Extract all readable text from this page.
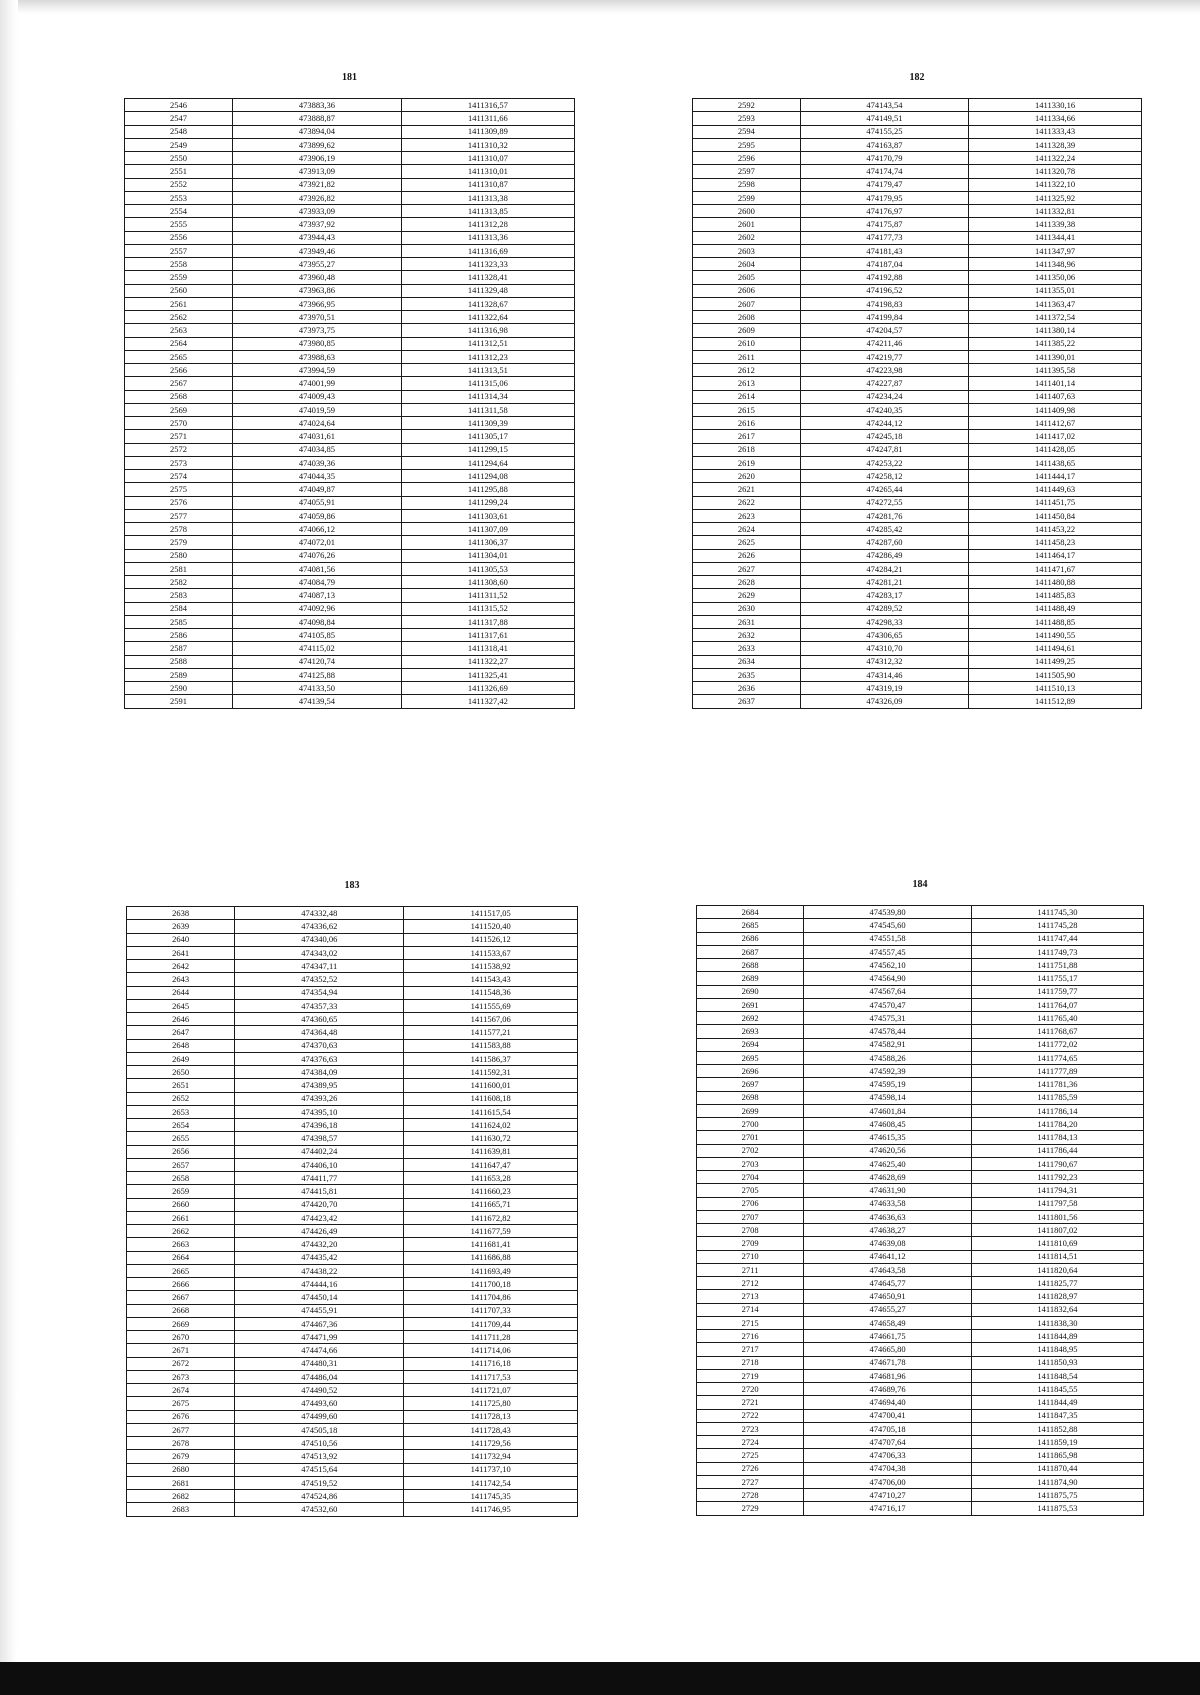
181
2546	473883,36	1411316,57
2547	473888,87	1411311,66
2548	473894,04	1411309,89
2549	473899,62	1411310,32
2550	473906,19	1411310,07
2551	473913,09	1411310,01
2552	473921,82	1411310,87
2553	473926,82	1411313,38
2554	473933,09	1411313,85
2555	473937,92	1411312,28
2556	473944,43	1411313,36
2557	473949,46	1411316,69
2558	473955,27	1411323,33
2559	473960,48	1411328,41
2560	473963,86	1411329,48
2561	473966,95	1411328,67
2562	473970,51	1411322,64
2563	473973,75	1411316,98
2564	473980,85	1411312,51
2565	473988,63	1411312,23
2566	473994,59	1411313,51
2567	474001,99	1411315,06
2568	474009,43	1411314,34
2569	474019,59	1411311,58
2570	474024,64	1411309,39
2571	474031,61	1411305,17
2572	474034,85	1411299,15
2573	474039,36	1411294,64
2574	474044,35	1411294,08
2575	474049,87	1411295,88
2576	474055,91	1411299,24
2577	474059,86	1411303,61
2578	474066,12	1411307,09
2579	474072,01	1411306,37
2580	474076,26	1411304,01
2581	474081,56	1411305,53
2582	474084,79	1411308,60
2583	474087,13	1411311,52
2584	474092,96	1411315,52
2585	474098,84	1411317,88
2586	474105,85	1411317,61
2587	474115,02	1411318,41
2588	474120,74	1411322,27
2589	474125,88	1411325,41
2590	474133,50	1411326,69
2591	474139,54	1411327,42
182
2592	474143,54	1411330,16
2593	474149,51	1411334,66
2594	474155,25	1411333,43
2595	474163,87	1411328,39
2596	474170,79	1411322,24
2597	474174,74	1411320,78
2598	474179,47	1411322,10
2599	474179,95	1411325,92
2600	474176,97	1411332,81
2601	474175,87	1411339,38
2602	474177,73	1411344,41
2603	474181,43	1411347,97
2604	474187,04	1411348,96
2605	474192,88	1411350,06
2606	474196,52	1411355,01
2607	474198,83	1411363,47
2608	474199,84	1411372,54
2609	474204,57	1411380,14
2610	474211,46	1411385,22
2611	474219,77	1411390,01
2612	474223,98	1411395,58
2613	474227,87	1411401,14
2614	474234,24	1411407,63
2615	474240,35	1411409,98
2616	474244,12	1411412,67
2617	474245,18	1411417,02
2618	474247,81	1411428,05
2619	474253,22	1411438,65
2620	474258,12	1411444,17
2621	474265,44	1411449,63
2622	474272,55	1411451,75
2623	474281,76	1411450,84
2624	474285,42	1411453,22
2625	474287,60	1411458,23
2626	474286,49	1411464,17
2627	474284,21	1411471,67
2628	474281,21	1411480,88
2629	474283,17	1411485,83
2630	474289,52	1411488,49
2631	474298,33	1411488,85
2632	474306,65	1411490,55
2633	474310,70	1411494,61
2634	474312,32	1411499,25
2635	474314,46	1411505,90
2636	474319,19	1411510,13
2637	474326,09	1411512,89
183
2638	474332,48	1411517,05
2639	474336,62	1411520,40
2640	474340,06	1411526,12
2641	474343,02	1411533,67
2642	474347,11	1411538,92
2643	474352,52	1411543,43
2644	474354,94	1411548,36
2645	474357,33	1411555,69
2646	474360,65	1411567,06
2647	474364,48	1411577,21
2648	474370,63	1411583,88
2649	474376,63	1411586,37
2650	474384,09	1411592,31
2651	474389,95	1411600,01
2652	474393,26	1411608,18
2653	474395,10	1411615,54
2654	474396,18	1411624,02
2655	474398,57	1411630,72
2656	474402,24	1411639,81
2657	474406,10	1411647,47
2658	474411,77	1411653,28
2659	474415,81	1411660,23
2660	474420,70	1411665,71
2661	474423,42	1411672,82
2662	474426,49	1411677,59
2663	474432,20	1411681,41
2664	474435,42	1411686,88
2665	474438,22	1411693,49
2666	474444,16	1411700,18
2667	474450,14	1411704,86
2668	474455,91	1411707,33
2669	474467,36	1411709,44
2670	474471,99	1411711,28
2671	474474,66	1411714,06
2672	474480,31	1411716,18
2673	474486,04	1411717,53
2674	474490,52	1411721,07
2675	474493,60	1411725,80
2676	474499,60	1411728,13
2677	474505,18	1411728,43
2678	474510,56	1411729,56
2679	474513,92	1411732,94
2680	474515,64	1411737,10
2681	474519,52	1411742,54
2682	474524,86	1411745,35
2683	474532,60	1411746,95
184
2684	474539,80	1411745,30
2685	474545,60	1411745,28
2686	474551,58	1411747,44
2687	474557,45	1411749,73
2688	474562,10	1411751,88
2689	474564,90	1411755,17
2690	474567,64	1411759,77
2691	474570,47	1411764,07
2692	474575,31	1411765,40
2693	474578,44	1411768,67
2694	474582,91	1411772,02
2695	474588,26	1411774,65
2696	474592,39	1411777,89
2697	474595,19	1411781,36
2698	474598,14	1411785,59
2699	474601,84	1411786,14
2700	474608,45	1411784,20
2701	474615,35	1411784,13
2702	474620,56	1411786,44
2703	474625,40	1411790,67
2704	474628,69	1411792,23
2705	474631,90	1411794,31
2706	474633,58	1411797,58
2707	474636,63	1411801,56
2708	474638,27	1411807,02
2709	474639,08	1411810,69
2710	474641,12	1411814,51
2711	474643,58	1411820,64
2712	474645,77	1411825,77
2713	474650,91	1411828,97
2714	474655,27	1411832,64
2715	474658,49	1411838,30
2716	474661,75	1411844,89
2717	474665,80	1411848,95
2718	474671,78	1411850,93
2719	474681,96	1411848,54
2720	474689,76	1411845,55
2721	474694,40	1411844,49
2722	474700,41	1411847,35
2723	474705,18	1411852,88
2724	474707,64	1411859,19
2725	474706,33	1411865,98
2726	474704,38	1411870,44
2727	474706,00	1411874,90
2728	474710,27	1411875,75
2729	474716,17	1411875,53
